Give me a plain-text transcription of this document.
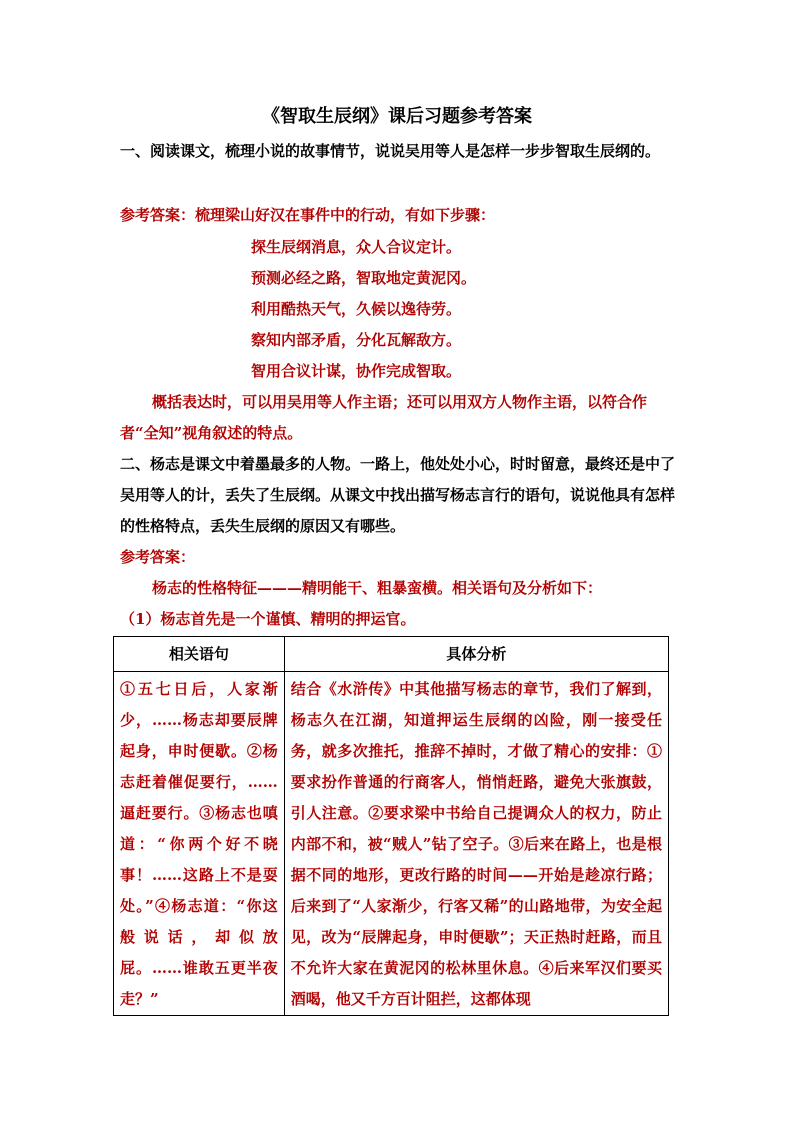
《智取生辰纲》课后习题参考答案
一、阅读课文，梳理小说的故事情节，说说吴用等人是怎样一步步智取生辰纲的。
参考答案：梳理梁山好汉在事件中的行动，有如下步骤：
探生辰纲消息，众人合议定计。
预测必经之路，智取地定黄泥冈。
利用酷热天气，久候以逸待劳。
察知内部矛盾，分化瓦解敌方。
智用合议计谋，协作完成智取。
概括表达时，可以用吴用等人作主语；还可以用双方人物作主语，以符合作者“全知”视角叙述的特点。
二、杨志是课文中着墨最多的人物。一路上，他处处小心，时时留意，最终还是中了吴用等人的计，丢失了生辰纲。从课文中找出描写杨志言行的语句，说说他具有怎样的性格特点，丢失生辰纲的原因又有哪些。
参考答案：
杨志的性格特征———精明能干、粗暴蛮横。相关语句及分析如下：
（1）杨志首先是一个谨慎、精明的押运官。
相关语句	具体分析
①五七日后，人家渐少，……杨志却要辰牌起身，申时便歇。②杨志赶着催促要行，……逼赶要行。③杨志也嗔道：“你两个好不晓事！……这路上不是耍处。”④杨志道：“你这般说话，却似放屁。……谁敢五更半夜走？”	结合《水浒传》中其他描写杨志的章节，我们了解到，杨志久在江湖，知道押运生辰纲的凶险，刚一接受任务，就多次推托，推辞不掉时，才做了精心的安排：①要求扮作普通的行商客人，悄悄赶路，避免大张旗鼓，引人注意。②要求梁中书给自己提调众人的权力，防止内部不和，被“贼人”钻了空子。③后来在路上，也是根据不同的地形，更改行路的时间——开始是趁凉行路；后来到了“人家渐少，行客又稀”的山路地带，为安全起见，改为“辰牌起身，申时便歇”；天正热时赶路，而且不允许大家在黄泥冈的松林里休息。④后来军汉们要买酒喝，他又千方百计阻拦，这都体现
